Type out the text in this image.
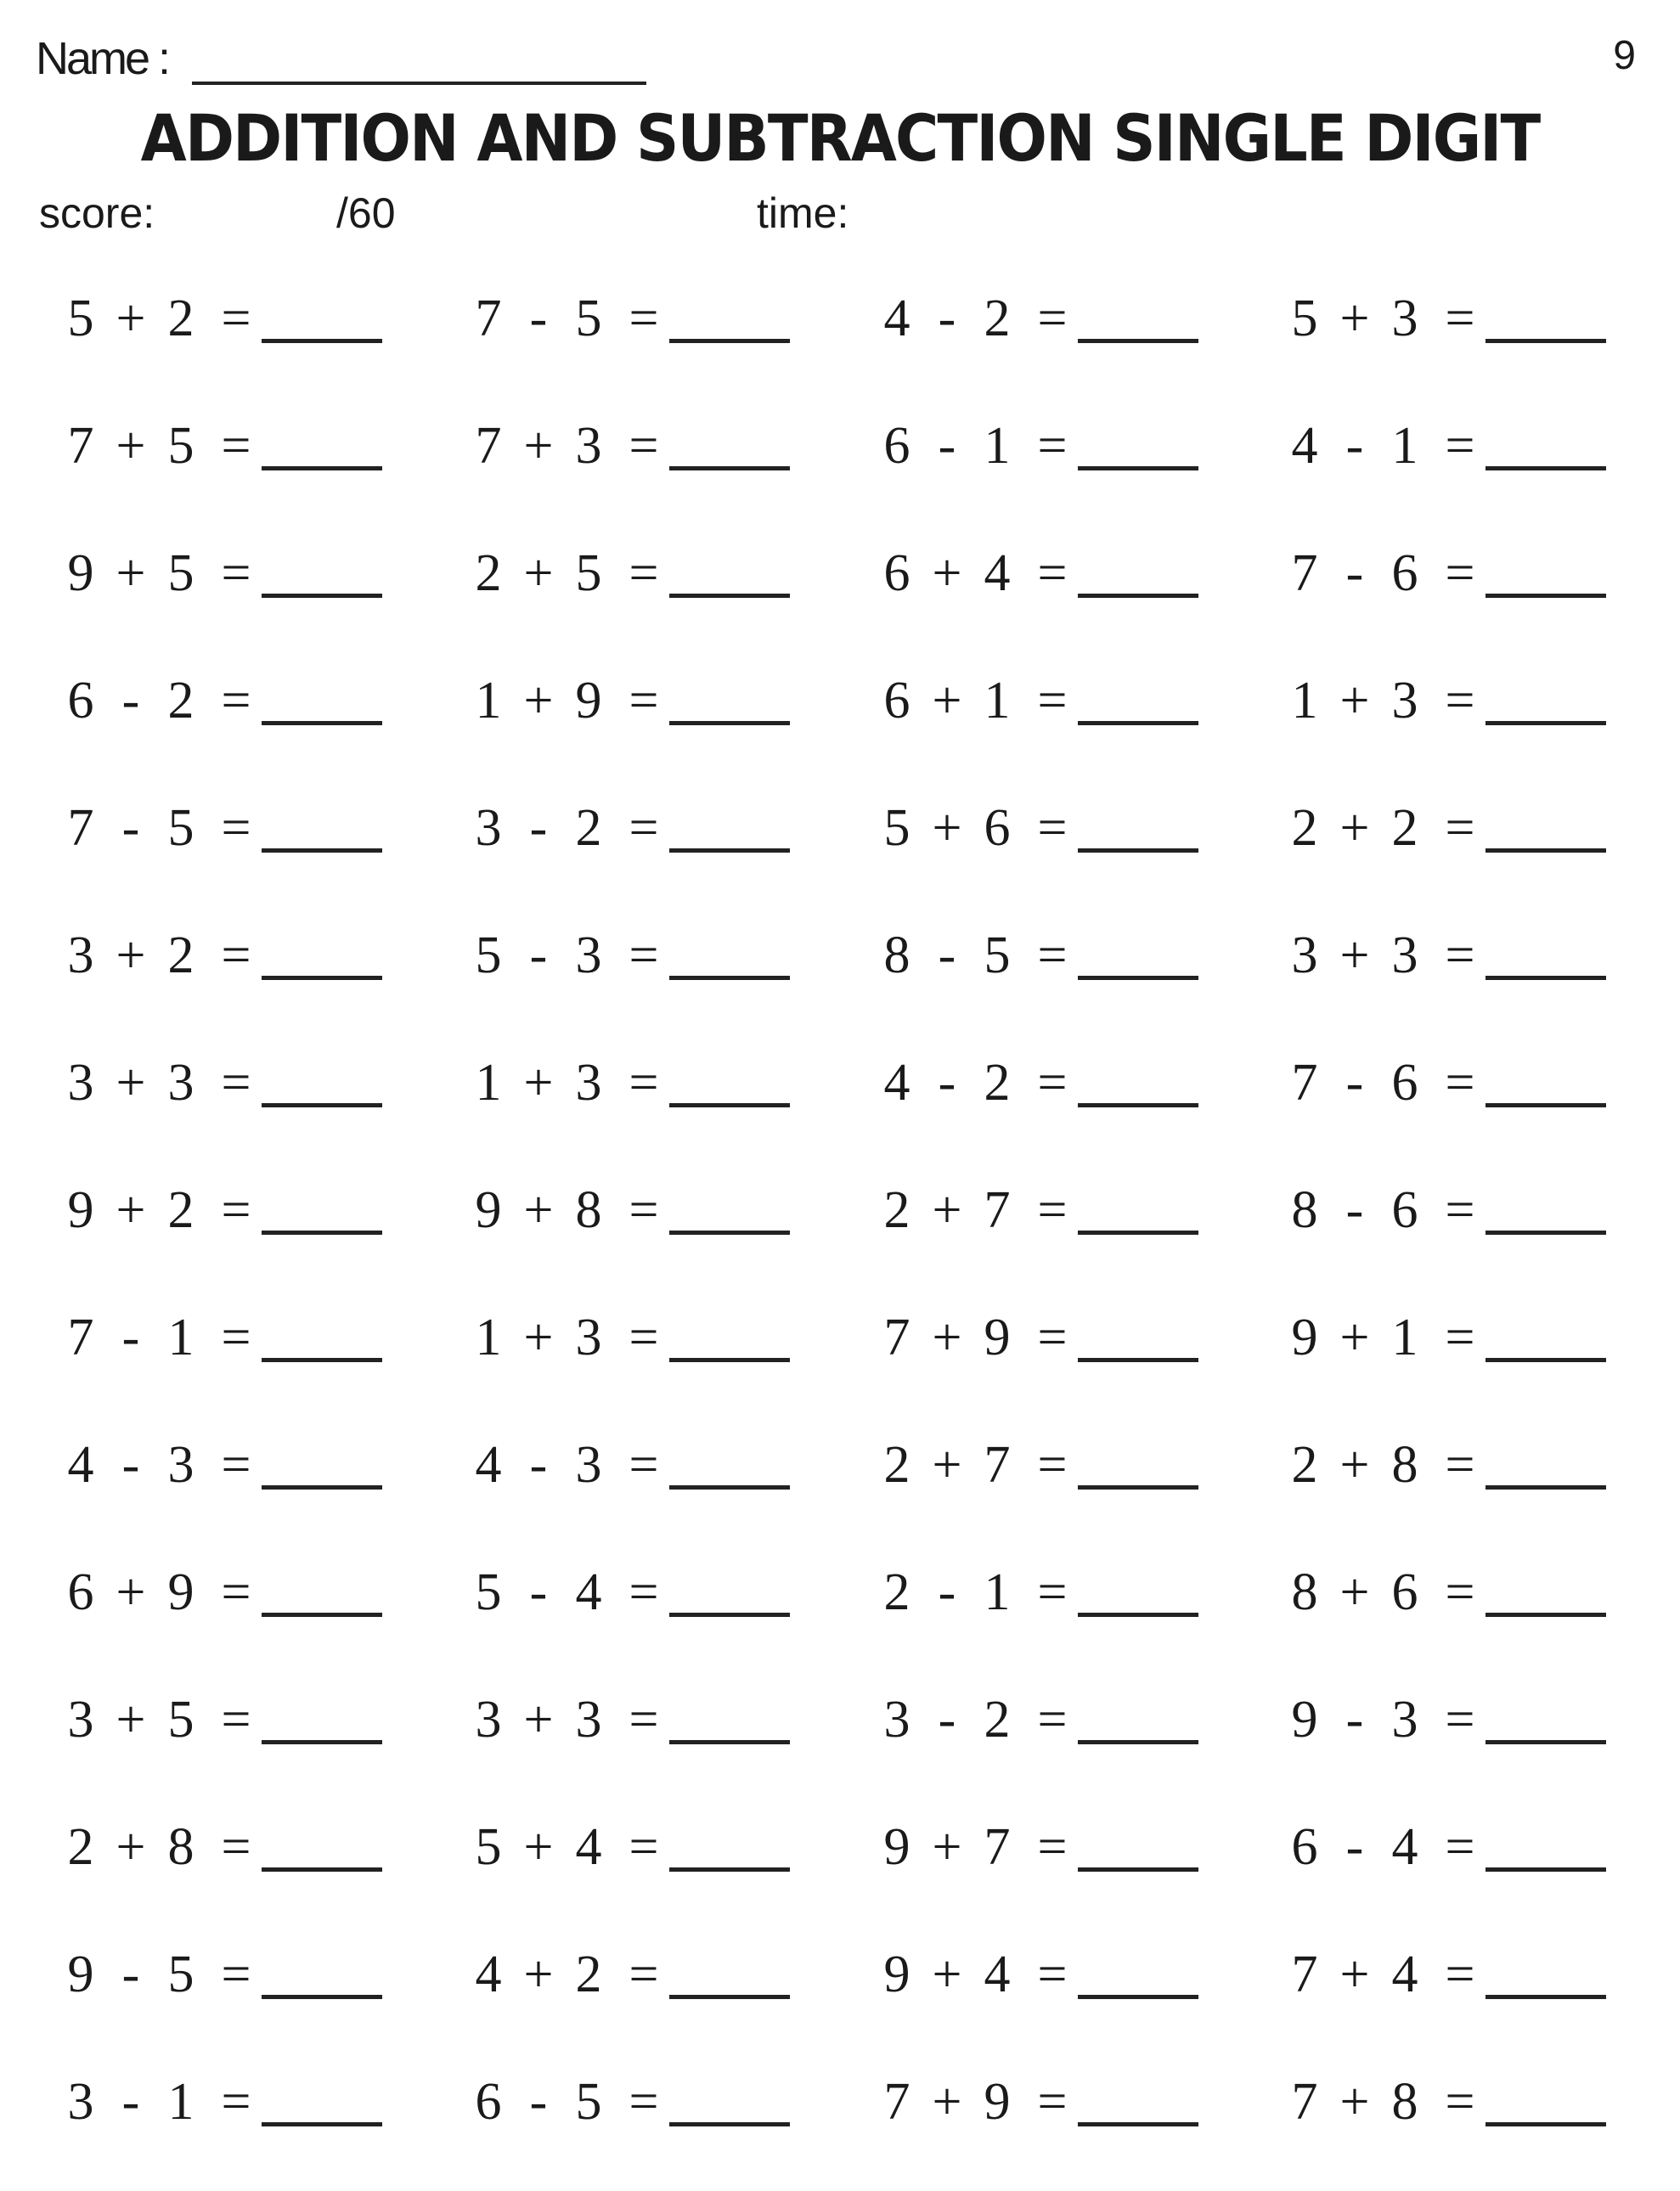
Name :	9
ADDITION AND SUBTRACTION SINGLE DIGIT
score:	/60	time:
5 + 2 =	7 - 5 =	4 - 2 =	5 + 3 =
7 + 5 =	7 + 3 =	6 - 1 =	4 - 1 =
9 + 5 =	2 + 5 =	6 + 4 =	7 - 6 =
6 - 2 =	1 + 9 =	6 + 1 =	1 + 3 =
7 - 5 =	3 - 2 =	5 + 6 =	2 + 2 =
3 + 2 =	5 - 3 =	8 - 5 =	3 + 3 =
3 + 3 =	1 + 3 =	4 - 2 =	7 - 6 =
9 + 2 =	9 + 8 =	2 + 7 =	8 - 6 =
7 - 1 =	1 + 3 =	7 + 9 =	9 + 1 =
4 - 3 =	4 - 3 =	2 + 7 =	2 + 8 =
6 + 9 =	5 - 4 =	2 - 1 =	8 + 6 =
3 + 5 =	3 + 3 =	3 - 2 =	9 - 3 =
2 + 8 =	5 + 4 =	9 + 7 =	6 - 4 =
9 - 5 =	4 + 2 =	9 + 4 =	7 + 4 =
3 - 1 =	6 - 5 =	7 + 9 =	7 + 8 =
